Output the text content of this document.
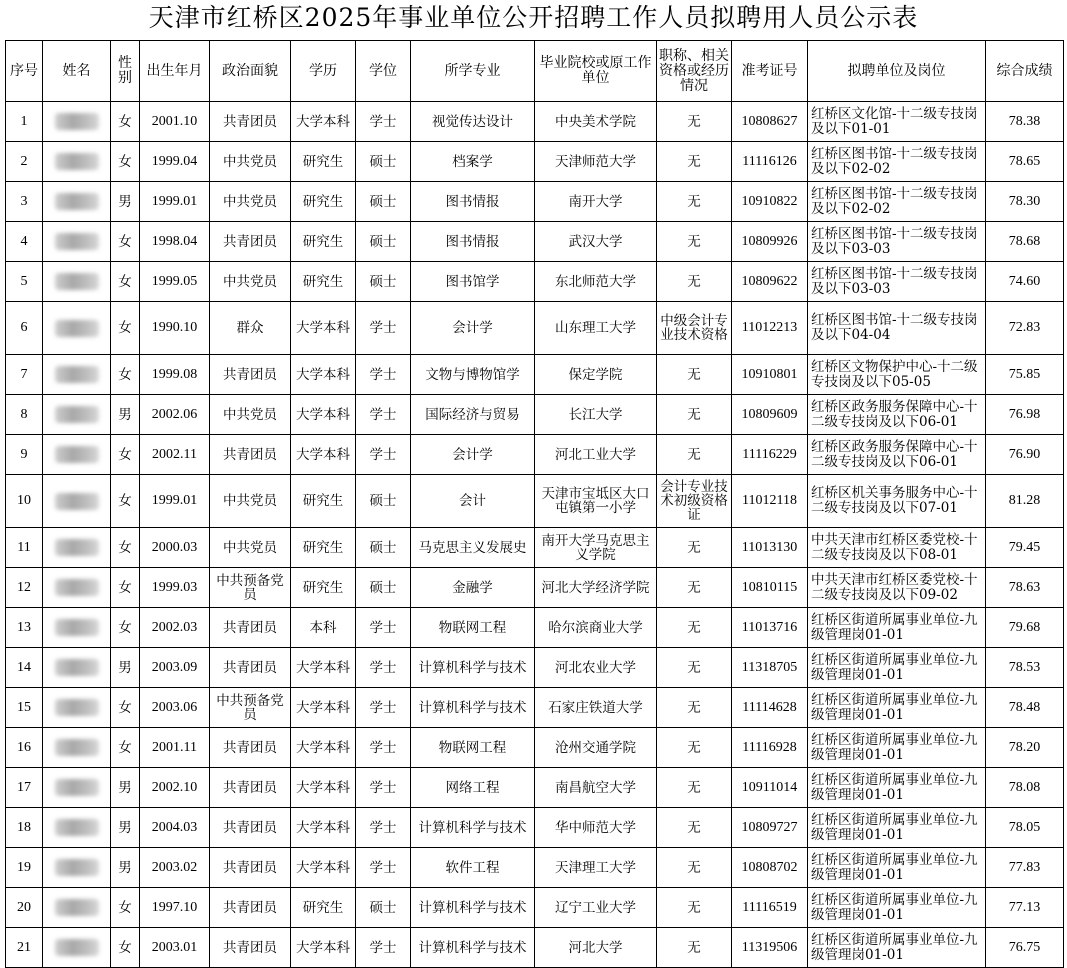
天津市红桥区2025年事业单位公开招聘工作人员拟聘用人员公示表
序号	姓名	性别	出生年月	政治面貌	学历	学位	所学专业	毕业院校或原工作单位	职称、相关资格或经历情况	准考证号	拟聘单位及岗位	综合成绩
1		女	2001.10	共青团员	大学本科	学士	视觉传达设计	中央美术学院	无	10808627	红桥区文化馆-十二级专技岗及以下01-01	78.38
2		女	1999.04	中共党员	研究生	硕士	档案学	天津师范大学	无	11116126	红桥区图书馆-十二级专技岗及以下02-02	78.65
3		男	1999.01	中共党员	研究生	硕士	图书情报	南开大学	无	10910822	红桥区图书馆-十二级专技岗及以下02-02	78.30
4		女	1998.04	共青团员	研究生	硕士	图书情报	武汉大学	无	10809926	红桥区图书馆-十二级专技岗及以下03-03	78.68
5		女	1999.05	中共党员	研究生	硕士	图书馆学	东北师范大学	无	10809622	红桥区图书馆-十二级专技岗及以下03-03	74.60
6		女	1990.10	群众	大学本科	学士	会计学	山东理工大学	中级会计专业技术资格	11012213	红桥区图书馆-十二级专技岗及以下04-04	72.83
7		女	1999.08	共青团员	大学本科	学士	文物与博物馆学	保定学院	无	10910801	红桥区文物保护中心-十二级专技岗及以下05-05	75.85
8		男	2002.06	中共党员	大学本科	学士	国际经济与贸易	长江大学	无	10809609	红桥区政务服务保障中心-十二级专技岗及以下06-01	76.98
9		女	2002.11	共青团员	大学本科	学士	会计学	河北工业大学	无	11116229	红桥区政务服务保障中心-十二级专技岗及以下06-01	76.90
10		女	1999.01	中共党员	研究生	硕士	会计	天津市宝坻区大口屯镇第一小学	会计专业技术初级资格证	11012118	红桥区机关事务服务中心-十二级专技岗及以下07-01	81.28
11		女	2000.03	中共党员	研究生	硕士	马克思主义发展史	南开大学马克思主义学院	无	11013130	中共天津市红桥区委党校-十二级专技岗及以下08-01	79.45
12		女	1999.03	中共预备党员	研究生	硕士	金融学	河北大学经济学院	无	10810115	中共天津市红桥区委党校-十二级专技岗及以下09-02	78.63
13		女	2002.03	共青团员	本科	学士	物联网工程	哈尔滨商业大学	无	11013716	红桥区街道所属事业单位-九级管理岗01-01	79.68
14		男	2003.09	共青团员	大学本科	学士	计算机科学与技术	河北农业大学	无	11318705	红桥区街道所属事业单位-九级管理岗01-01	78.53
15		女	2003.06	中共预备党员	大学本科	学士	计算机科学与技术	石家庄铁道大学	无	11114628	红桥区街道所属事业单位-九级管理岗01-01	78.48
16		女	2001.11	共青团员	大学本科	学士	物联网工程	沧州交通学院	无	11116928	红桥区街道所属事业单位-九级管理岗01-01	78.20
17		男	2002.10	共青团员	大学本科	学士	网络工程	南昌航空大学	无	10911014	红桥区街道所属事业单位-九级管理岗01-01	78.08
18		男	2004.03	共青团员	大学本科	学士	计算机科学与技术	华中师范大学	无	10809727	红桥区街道所属事业单位-九级管理岗01-01	78.05
19		男	2003.02	共青团员	大学本科	学士	软件工程	天津理工大学	无	10808702	红桥区街道所属事业单位-九级管理岗01-01	77.83
20		女	1997.10	共青团员	研究生	硕士	计算机科学与技术	辽宁工业大学	无	11116519	红桥区街道所属事业单位-九级管理岗01-01	77.13
21		女	2003.01	共青团员	大学本科	学士	计算机科学与技术	河北大学	无	11319506	红桥区街道所属事业单位-九级管理岗01-01	76.75
